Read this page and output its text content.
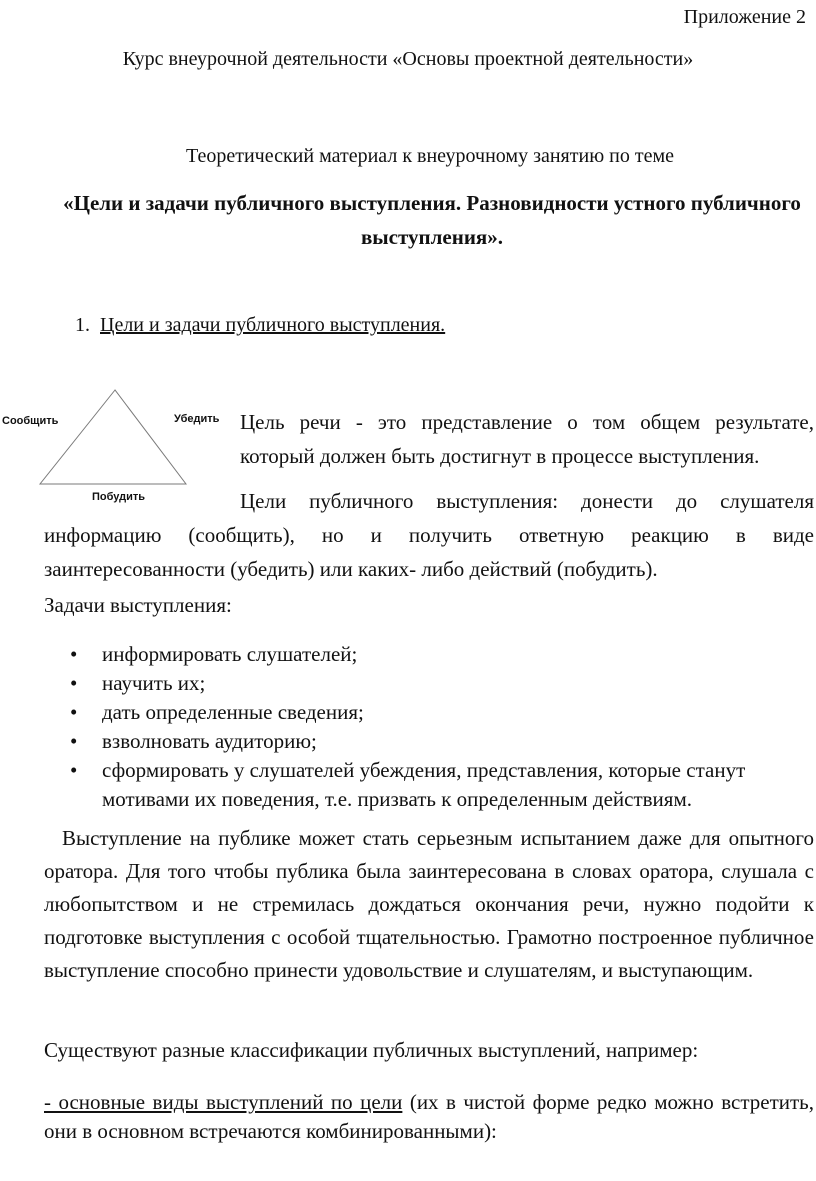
Приложение 2
Курс внеурочной деятельности «Основы проектной деятельности»
Теоретический материал к внеурочному занятию по теме
«Цели и задачи публичного выступления. Разновидности устного публичного выступления».
1. Цели и задачи публичного выступления.
Сообщить	Убедить
Побудить
Цель речи - это представление о том общем результате, который должен быть достигнут в процессе выступления.
Цели публичного выступления: донести до слушателя информацию (сообщить), но и получить ответную реакцию в виде заинтересованности (убедить) или каких- либо действий (побудить).
Задачи выступления:
• информировать слушателей;
• научить их;
• дать определенные сведения;
• взволновать аудиторию;
• сформировать у слушателей убеждения, представления, которые станут мотивами их поведения, т.е. призвать к определенным действиям.
Выступление на публике может стать серьезным испытанием даже для опытного оратора. Для того чтобы публика была заинтересована в словах оратора, слушала с любопытством и не стремилась дождаться окончания речи, нужно подойти к подготовке выступления с особой тщательностью. Грамотно построенное публичное выступление способно принести удовольствие и слушателям, и выступающим.
Существуют разные классификации публичных выступлений, например:
- основные виды выступлений по цели (их в чистой форме редко можно встретить, они в основном встречаются комбинированными):
